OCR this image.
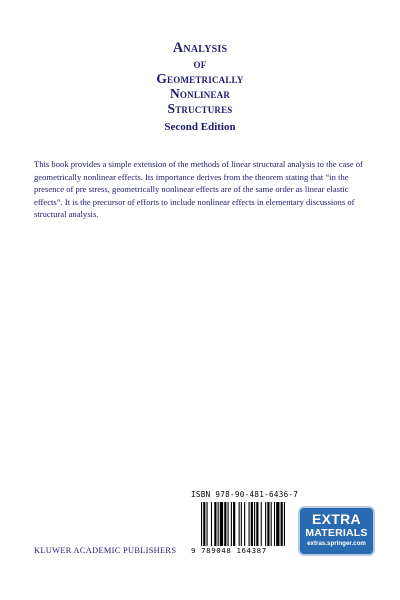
Analysis
of
Geometrically
Nonlinear
Structures
Second Edition

This book provides a simple extension of the methods of linear structural analysis to the case of geometrically nonlinear effects. Its importance derives from the theorem stating that “in the presence of pre stress, geometrically nonlinear effects are of the same order as linear elastic effects”. It is the precursor of efforts to include nonlinear effects in elementary discussions of structural analysis.

ISBN 978-90-481-6436-7
9 789048 164387
EXTRA
MATERIALS
extras.springer.com
KLUWER ACADEMIC PUBLISHERS
